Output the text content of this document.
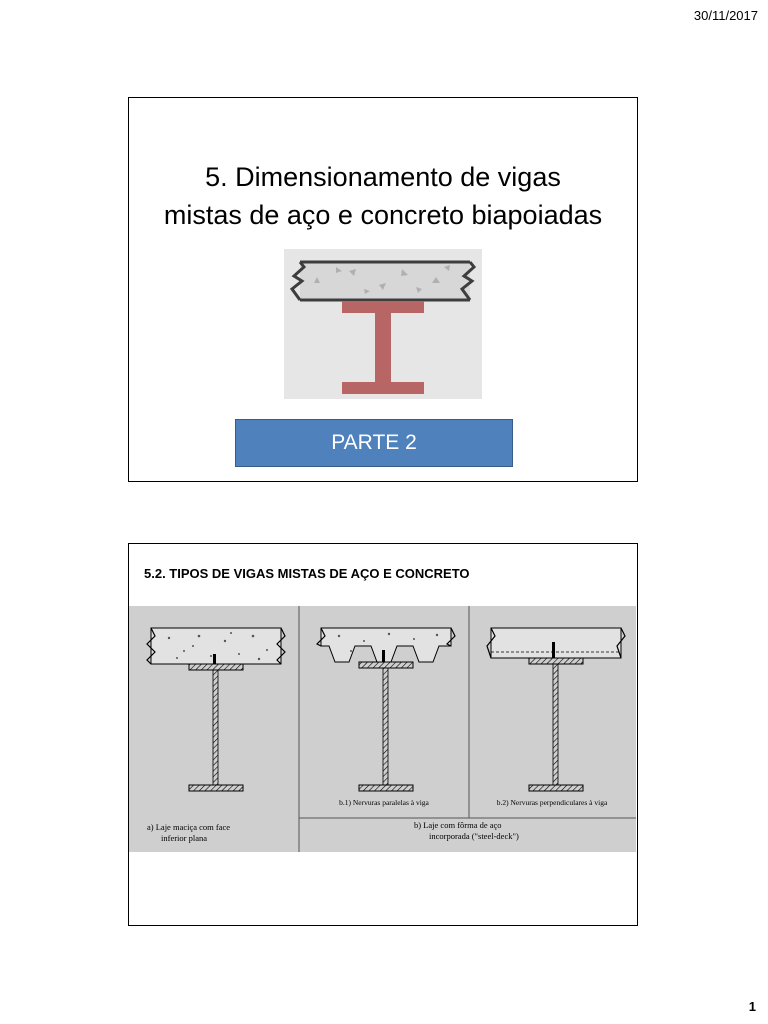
30/11/2017
5. Dimensionamento de vigas
mistas de aço e concreto biapoiadas
PARTE 2
5.2. TIPOS DE VIGAS MISTAS DE AÇO E CONCRETO
b.1) Nervuras paralelas à viga	b.2) Nervuras perpendiculares à viga
a) Laje maciça com face
inferior plana
b) Laje com fôrma de aço
incorporada ("steel-deck")
1
